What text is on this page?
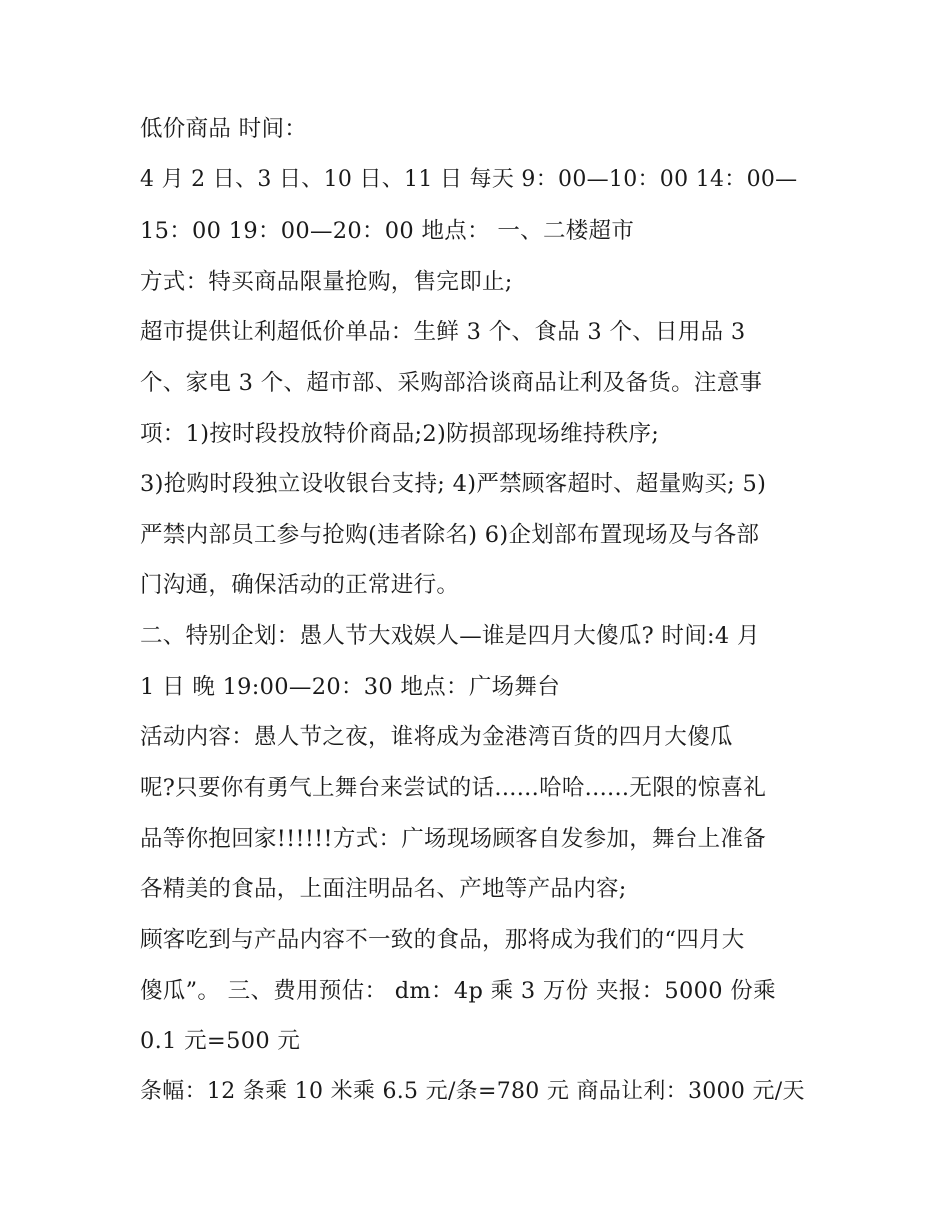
低价商品 时间：
4 月 2 日、3 日、10 日、11 日 每天 9：00—10：00 14：00—
15：00 19：00—20：00 地点： 一、二楼超市
方式：特买商品限量抢购，售完即止;
超市提供让利超低价单品：生鲜 3 个、食品 3 个、日用品 3
个、家电 3 个、超市部、采购部洽谈商品让利及备货。注意事
项：1)按时段投放特价商品;2)防损部现场维持秩序;
3)抢购时段独立设收银台支持; 4)严禁顾客超时、超量购买; 5)
严禁内部员工参与抢购(违者除名) 6)企划部布置现场及与各部
门沟通，确保活动的正常进行。
二、特别企划：愚人节大戏娱人—谁是四月大傻瓜? 时间:4 月
1 日 晚 19:00—20：30 地点：广场舞台
活动内容：愚人节之夜，谁将成为金港湾百货的四月大傻瓜
呢?只要你有勇气上舞台来尝试的话......哈哈......无限的惊喜礼
品等你抱回家!!!!!!方式：广场现场顾客自发参加，舞台上准备
各精美的食品，上面注明品名、产地等产品内容;
顾客吃到与产品内容不一致的食品，那将成为我们的“四月大
傻瓜”。 三、费用预估： dm：4p 乘 3 万份 夹报：5000 份乘
0.1 元=500 元
条幅：12 条乘 10 米乘 6.5 元/条=780 元 商品让利：3000 元/天
